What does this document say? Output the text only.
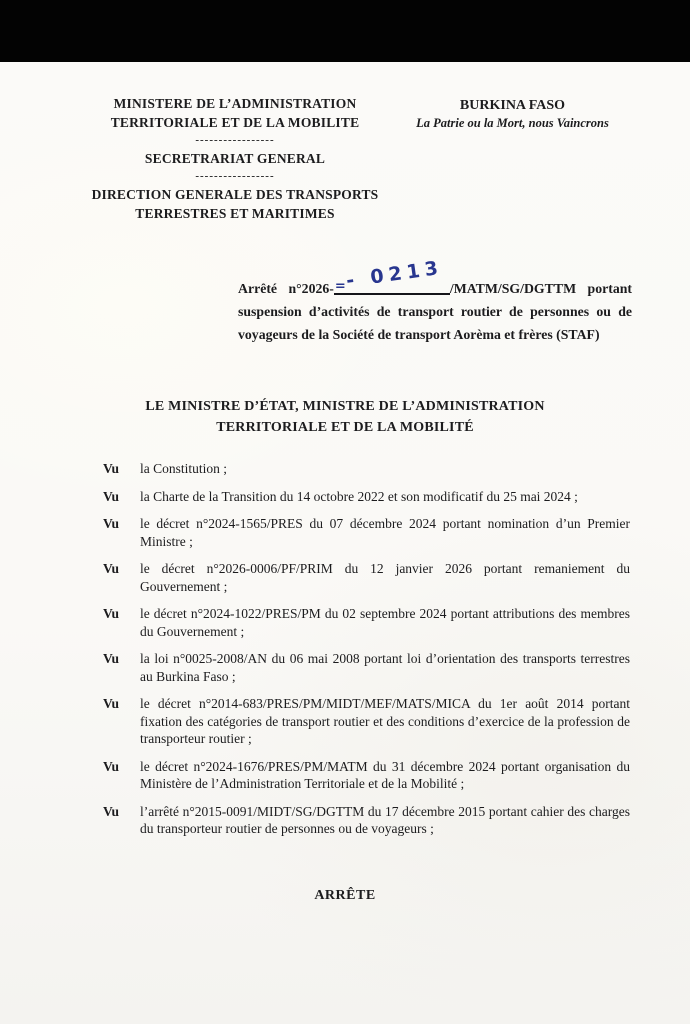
MINISTERE DE L’ADMINISTRATION
TERRITORIALE ET DE LA MOBILITE
-----------------
SECRETRARIAT GENERAL
-----------------
DIRECTION GENERALE DES TRANSPORTS
TERRESTRES ET MARITIMES
BURKINA FASO
La Patrie ou la Mort, nous Vaincrons
Arrêté n°2026- =
- 0213 /MATM/SG/DGTTM portant suspension d’activités de transport routier de personnes ou de voyageurs de la Société de transport Aorèma et frères (STAF)
LE MINISTRE D’ÉTAT, MINISTRE DE L’ADMINISTRATION
TERRITORIALE ET DE LA MOBILITÉ
Vu	la Constitution ;
Vu	la Charte de la Transition du 14 octobre 2022 et son modificatif du 25 mai 2024 ;
Vu	le décret n°2024-1565/PRES du 07 décembre 2024 portant nomination d’un Premier Ministre ;
Vu	le décret n°2026-0006/PF/PRIM du 12 janvier 2026 portant remaniement du Gouvernement ;
Vu	le décret n°2024-1022/PRES/PM du 02 septembre 2024 portant attributions des membres du Gouvernement ;
Vu	la loi n°0025-2008/AN du 06 mai 2008 portant loi d’orientation des transports terrestres au Burkina Faso ;
Vu	le décret n°2014-683/PRES/PM/MIDT/MEF/MATS/MICA du 1er août 2014 portant fixation des catégories de transport routier et des conditions d’exercice de la profession de transporteur routier ;
Vu	le décret n°2024-1676/PRES/PM/MATM du 31 décembre 2024 portant organisation du Ministère de l’Administration Territoriale et de la Mobilité ;
Vu	l’arrêté n°2015-0091/MIDT/SG/DGTTM du 17 décembre 2015 portant cahier des charges du transporteur routier de personnes ou de voyageurs ;
ARRÊTE
